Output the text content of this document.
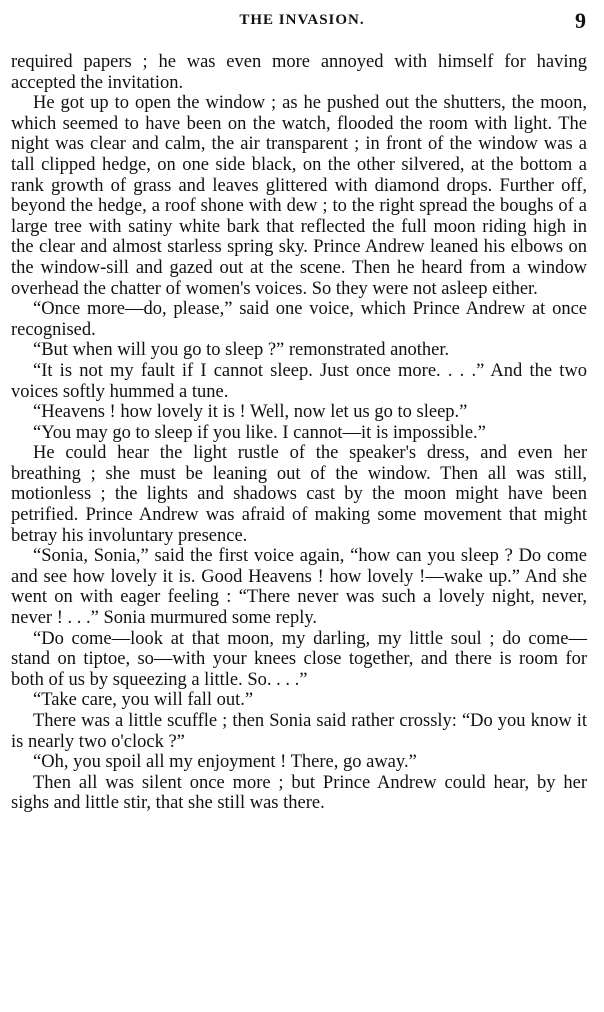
THE INVASION.	9

required papers ; he was even more annoyed with himself for having accepted the invitation.

He got up to open the window ; as he pushed out the shutters, the moon, which seemed to have been on the watch, flooded the room with light. The night was clear and calm, the air transparent ; in front of the window was a tall clipped hedge, on one side black, on the other silvered, at the bottom a rank growth of grass and leaves glittered with diamond drops. Further off, beyond the hedge, a roof shone with dew ; to the right spread the boughs of a large tree with satiny white bark that reflected the full moon riding high in the clear and almost starless spring sky. Prince Andrew leaned his elbows on the window-sill and gazed out at the scene. Then he heard from a window overhead the chatter of women's voices. So they were not asleep either.

“Once more—do, please,” said one voice, which Prince Andrew at once recognised.

“But when will you go to sleep ?” remonstrated another.

“It is not my fault if I cannot sleep. Just once more. . . .” And the two voices softly hummed a tune.

“Heavens ! how lovely it is ! Well, now let us go to sleep.”

“You may go to sleep if you like. I cannot—it is impossible.”

He could hear the light rustle of the speaker's dress, and even her breathing ; she must be leaning out of the window. Then all was still, motionless ; the lights and shadows cast by the moon might have been petrified. Prince Andrew was afraid of making some movement that might betray his involuntary presence.

“Sonia, Sonia,” said the first voice again, “how can you sleep ? Do come and see how lovely it is. Good Heavens ! how lovely !—wake up.” And she went on with eager feeling : “There never was such a lovely night, never, never ! . . .” Sonia murmured some reply.

“Do come—look at that moon, my darling, my little soul ; do come—stand on tiptoe, so—with your knees close together, and there is room for both of us by squeezing a little. So. . . .”

“Take care, you will fall out.”

There was a little scuffle ; then Sonia said rather crossly: “Do you know it is nearly two o'clock ?”

“Oh, you spoil all my enjoyment ! There, go away.”

Then all was silent once more ; but Prince Andrew could hear, by her sighs and little stir, that she still was there.
